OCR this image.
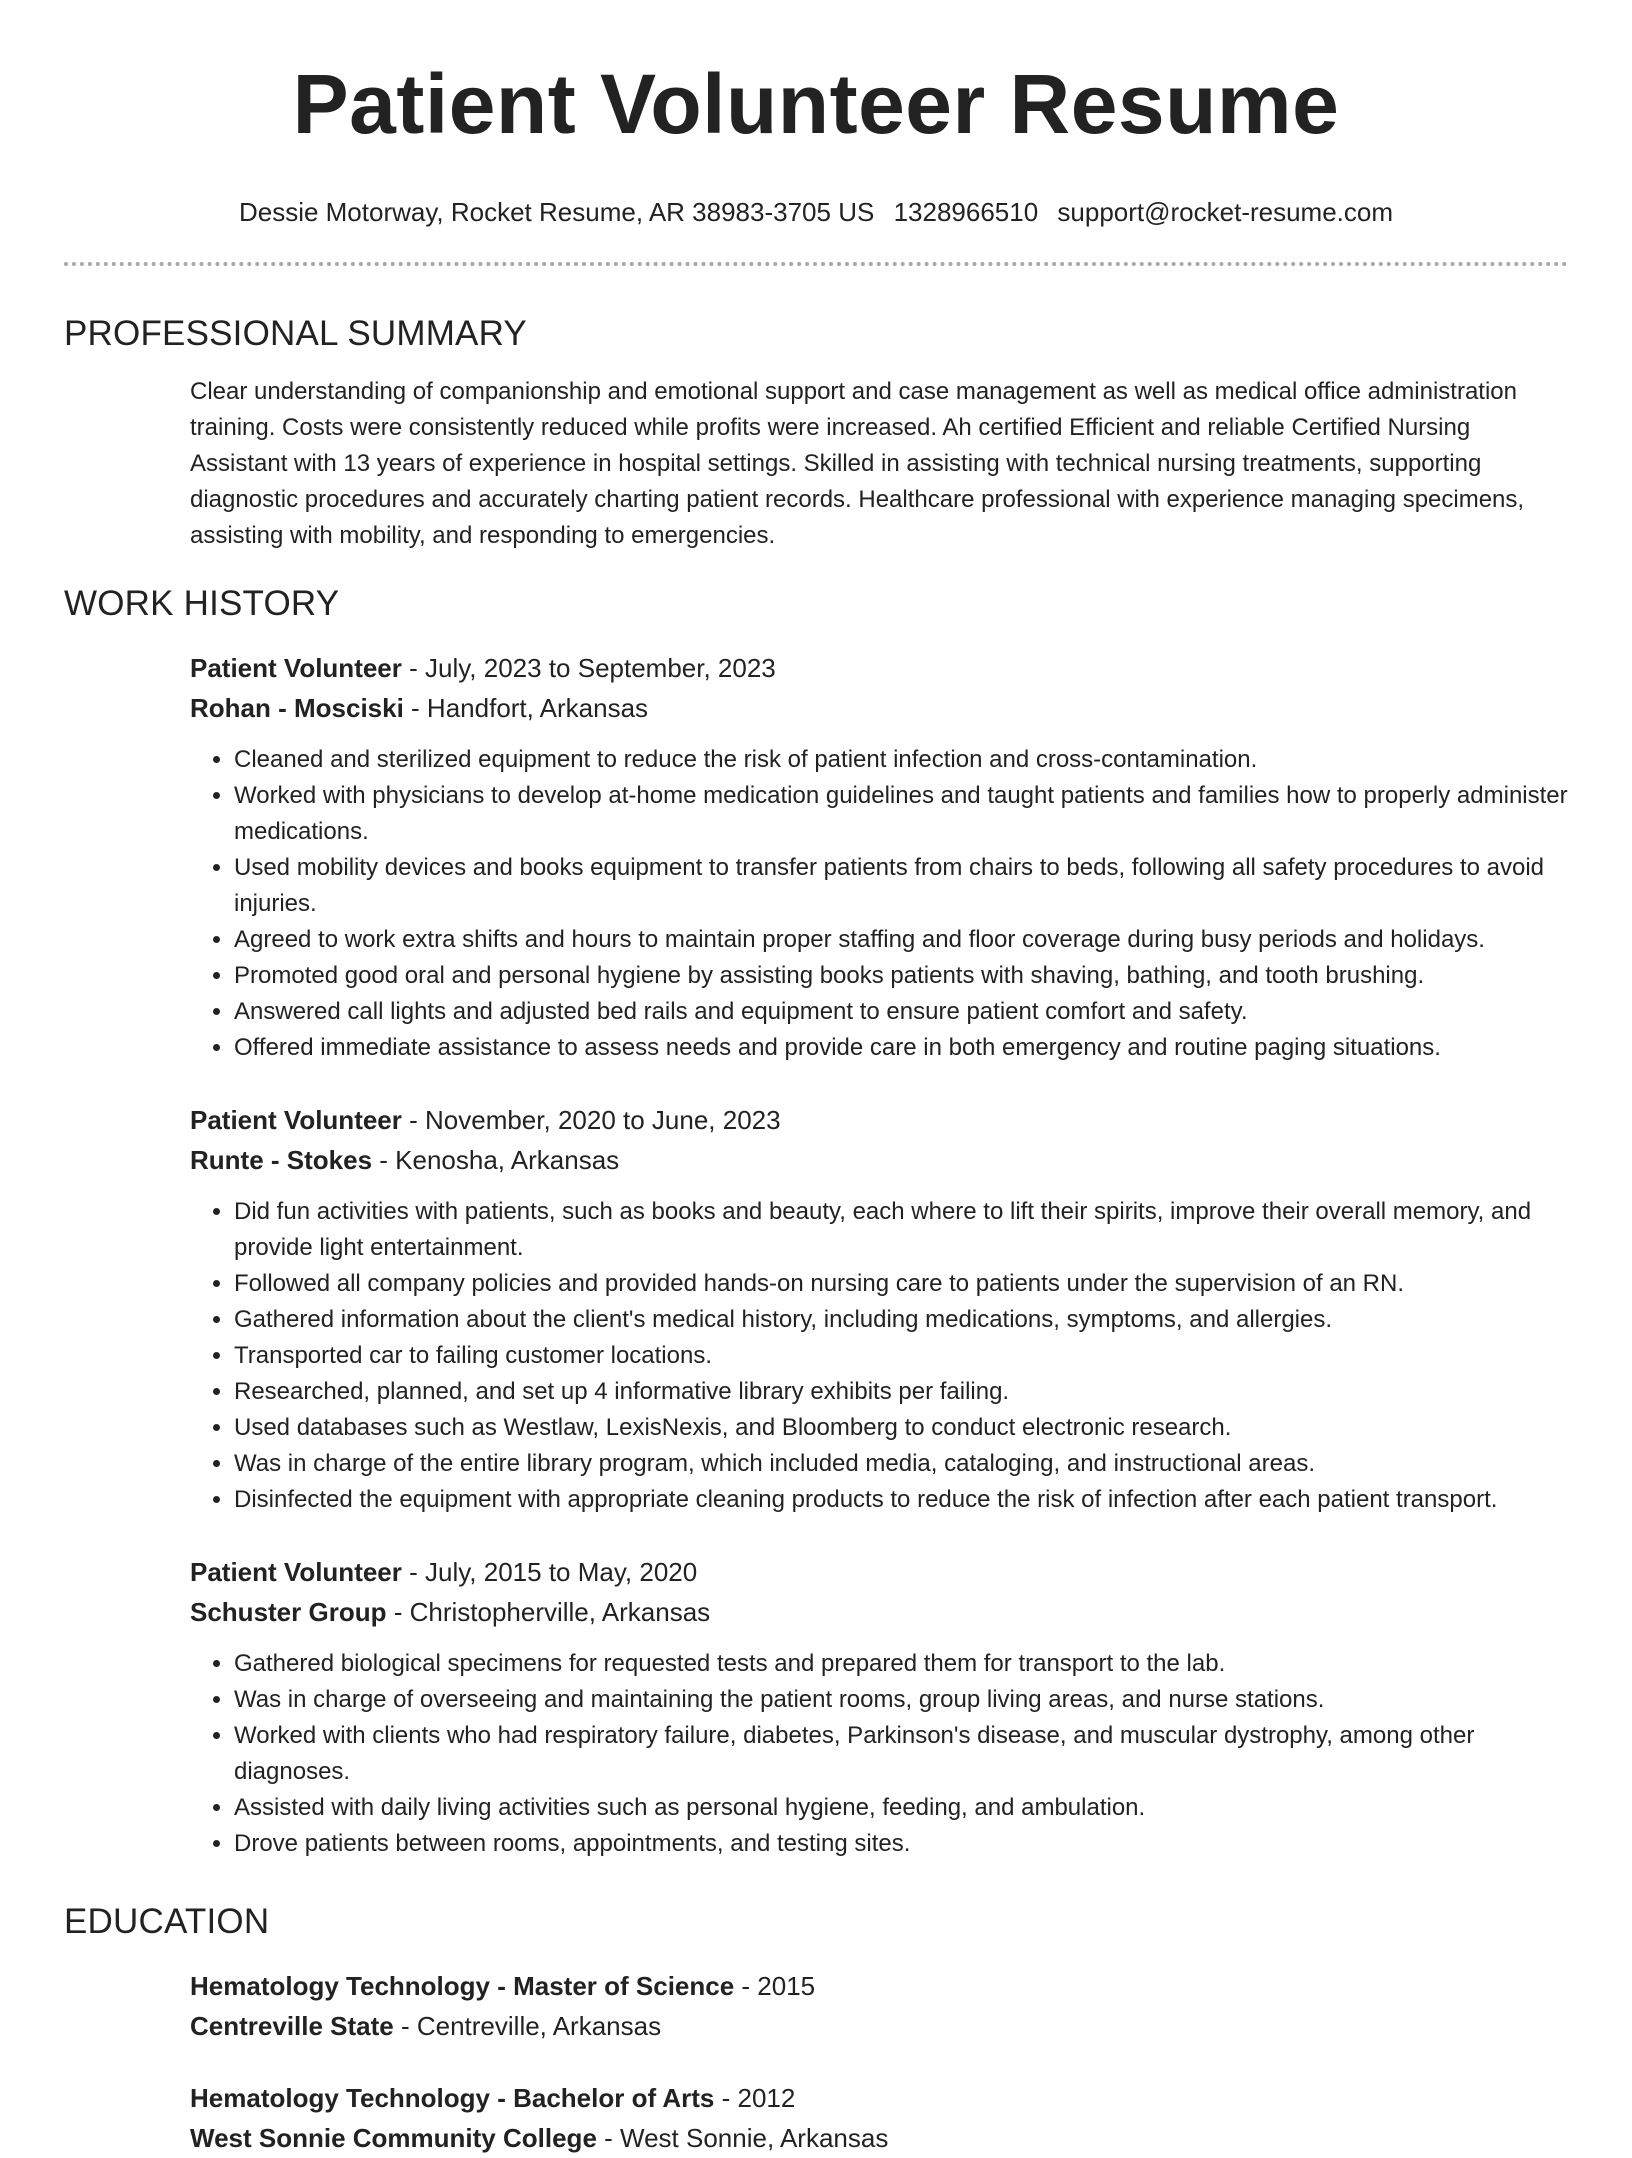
Patient Volunteer Resume
Dessie Motorway, Rocket Resume, AR 38983-3705 US 1328966510 support@rocket-resume.com
PROFESSIONAL SUMMARY
Clear understanding of companionship and emotional support and case management as well as medical office administration training. Costs were consistently reduced while profits were increased. Ah certified Efficient and reliable Certified Nursing Assistant with 13 years of experience in hospital settings. Skilled in assisting with technical nursing treatments, supporting diagnostic procedures and accurately charting patient records. Healthcare professional with experience managing specimens, assisting with mobility, and responding to emergencies.
WORK HISTORY

Patient Volunteer - July, 2023 to September, 2023

Rohan - Mosciski - Handfort, Arkansas

• Cleaned and sterilized equipment to reduce the risk of patient infection and cross-contamination.
• Worked with physicians to develop at-home medication guidelines and taught patients and families how to properly administer medications.
• Used mobility devices and books equipment to transfer patients from chairs to beds, following all safety procedures to avoid injuries.
• Agreed to work extra shifts and hours to maintain proper staffing and floor coverage during busy periods and holidays.
• Promoted good oral and personal hygiene by assisting books patients with shaving, bathing, and tooth brushing.
• Answered call lights and adjusted bed rails and equipment to ensure patient comfort and safety.
• Offered immediate assistance to assess needs and provide care in both emergency and routine paging situations.

Patient Volunteer - November, 2020 to June, 2023

Runte - Stokes - Kenosha, Arkansas

• Did fun activities with patients, such as books and beauty, each where to lift their spirits, improve their overall memory, and provide light entertainment.
• Followed all company policies and provided hands-on nursing care to patients under the supervision of an RN.
• Gathered information about the client's medical history, including medications, symptoms, and allergies.
• Transported car to failing customer locations.
• Researched, planned, and set up 4 informative library exhibits per failing.
• Used databases such as Westlaw, LexisNexis, and Bloomberg to conduct electronic research.
• Was in charge of the entire library program, which included media, cataloging, and instructional areas.
• Disinfected the equipment with appropriate cleaning products to reduce the risk of infection after each patient transport.

Patient Volunteer - July, 2015 to May, 2020

Schuster Group - Christopherville, Arkansas

• Gathered biological specimens for requested tests and prepared them for transport to the lab.
• Was in charge of overseeing and maintaining the patient rooms, group living areas, and nurse stations.
• Worked with clients who had respiratory failure, diabetes, Parkinson's disease, and muscular dystrophy, among other diagnoses.
• Assisted with daily living activities such as personal hygiene, feeding, and ambulation.
• Drove patients between rooms, appointments, and testing sites.
EDUCATION

Hematology Technology - Master of Science - 2015

Centreville State - Centreville, Arkansas

Hematology Technology - Bachelor of Arts - 2012

West Sonnie Community College - West Sonnie, Arkansas
